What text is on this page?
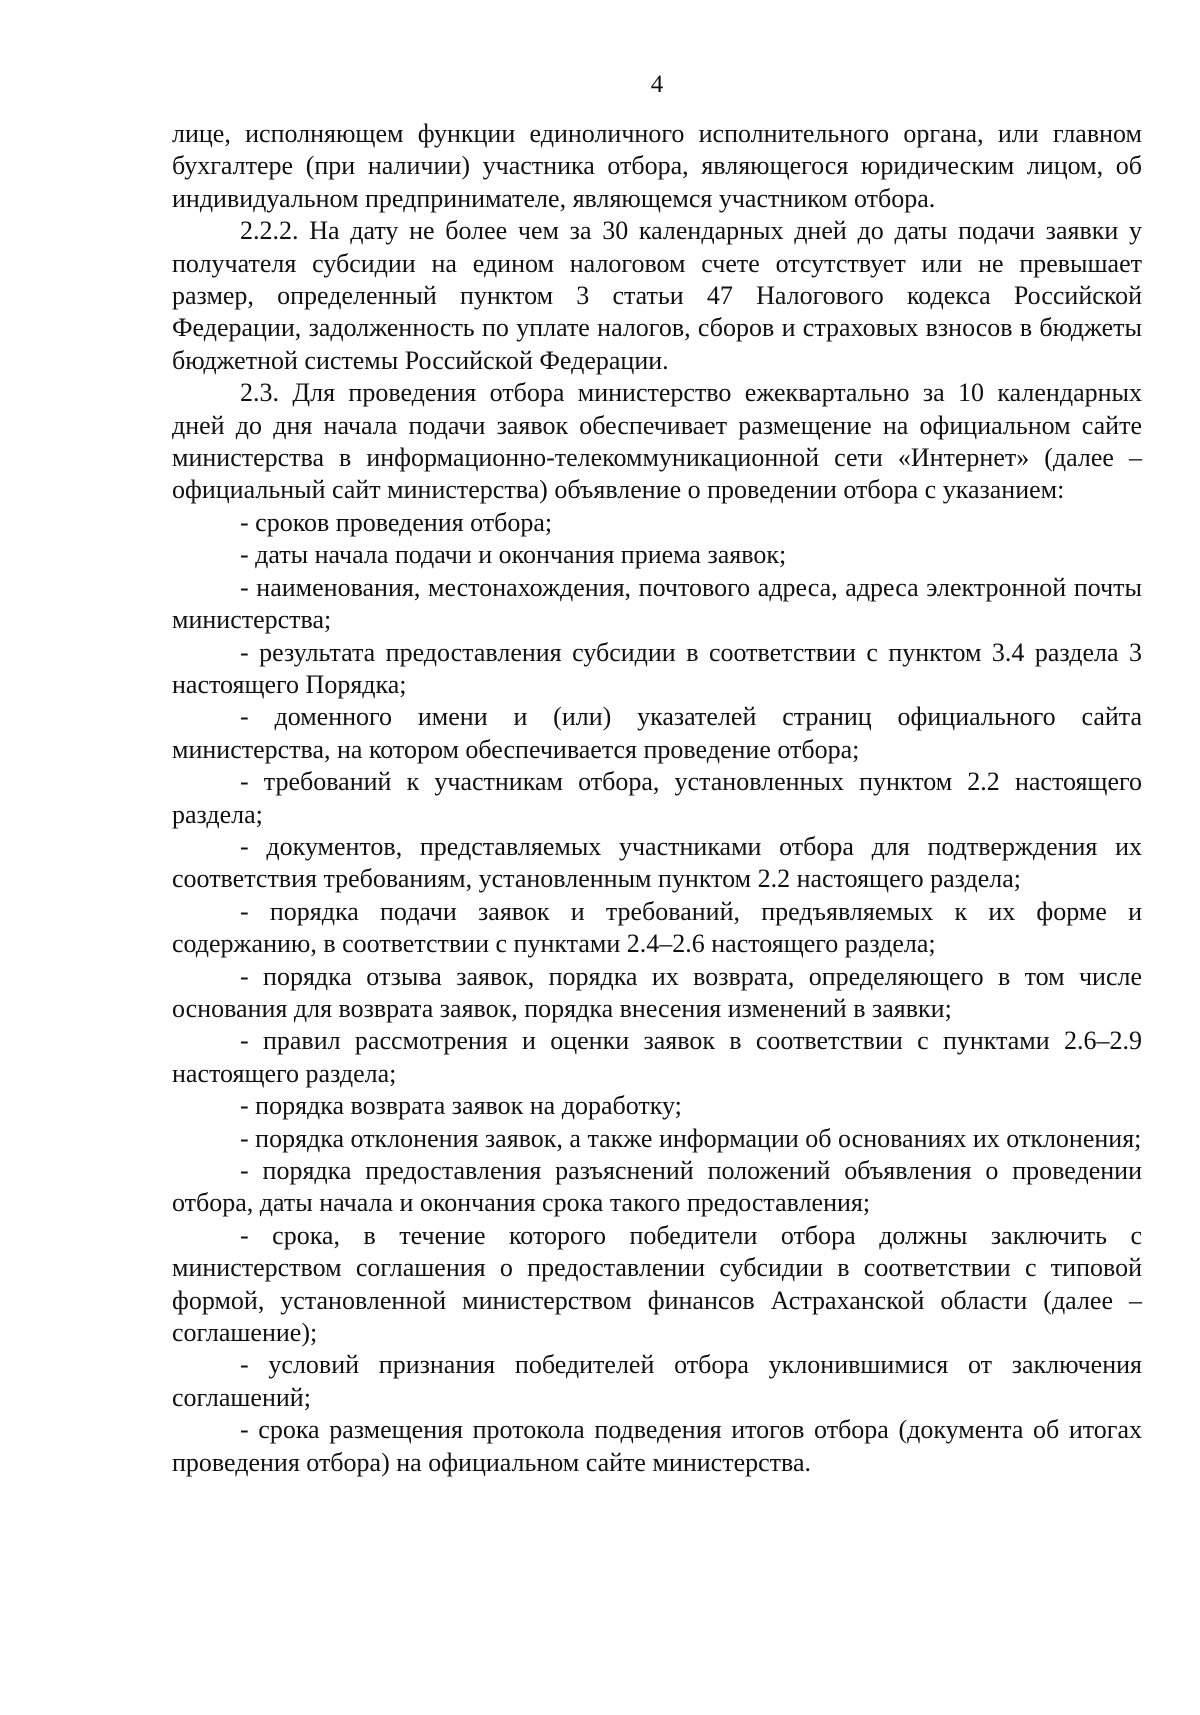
4

лице, исполняющем функции единоличного исполнительного органа, или главном бухгалтере (при наличии) участника отбора, являющегося юридическим лицом, об индивидуальном предпринимателе, являющемся участником отбора.

2.2.2. На дату не более чем за 30 календарных дней до даты подачи заявки у получателя субсидии на едином налоговом счете отсутствует или не превышает размер, определенный пунктом 3 статьи 47 Налогового кодекса Российской Федерации, задолженность по уплате налогов, сборов и страховых взносов в бюджеты бюджетной системы Российской Федерации.

2.3. Для проведения отбора министерство ежеквартально за 10 календарных дней до дня начала подачи заявок обеспечивает размещение на официальном сайте министерства в информационно-телекоммуникационной сети «Интернет» (далее – официальный сайт министерства) объявление о проведении отбора с указанием:

- сроков проведения отбора;

- даты начала подачи и окончания приема заявок;

- наименования, местонахождения, почтового адреса, адреса электронной почты министерства;

- результата предоставления субсидии в соответствии с пунктом 3.4 раздела 3 настоящего Порядка;

- доменного имени и (или) указателей страниц официального сайта министерства, на котором обеспечивается проведение отбора;

- требований к участникам отбора, установленных пунктом 2.2 настоящего раздела;

- документов, представляемых участниками отбора для подтверждения их соответствия требованиям, установленным пунктом 2.2 настоящего раздела;

- порядка подачи заявок и требований, предъявляемых к их форме и содержанию, в соответствии с пунктами 2.4–2.6 настоящего раздела;

- порядка отзыва заявок, порядка их возврата, определяющего в том числе основания для возврата заявок, порядка внесения изменений в заявки;

- правил рассмотрения и оценки заявок в соответствии с пунктами 2.6–2.9 настоящего раздела;

- порядка возврата заявок на доработку;

- порядка отклонения заявок, а также информации об основаниях их отклонения;

- порядка предоставления разъяснений положений объявления о проведении отбора, даты начала и окончания срока такого предоставления;

- срока, в течение которого победители отбора должны заключить с министерством соглашения о предоставлении субсидии в соответствии с типовой формой, установленной министерством финансов Астраханской области (далее – соглашение);

- условий признания победителей отбора уклонившимися от заключения соглашений;

- срока размещения протокола подведения итогов отбора (документа об итогах проведения отбора) на официальном сайте министерства.
